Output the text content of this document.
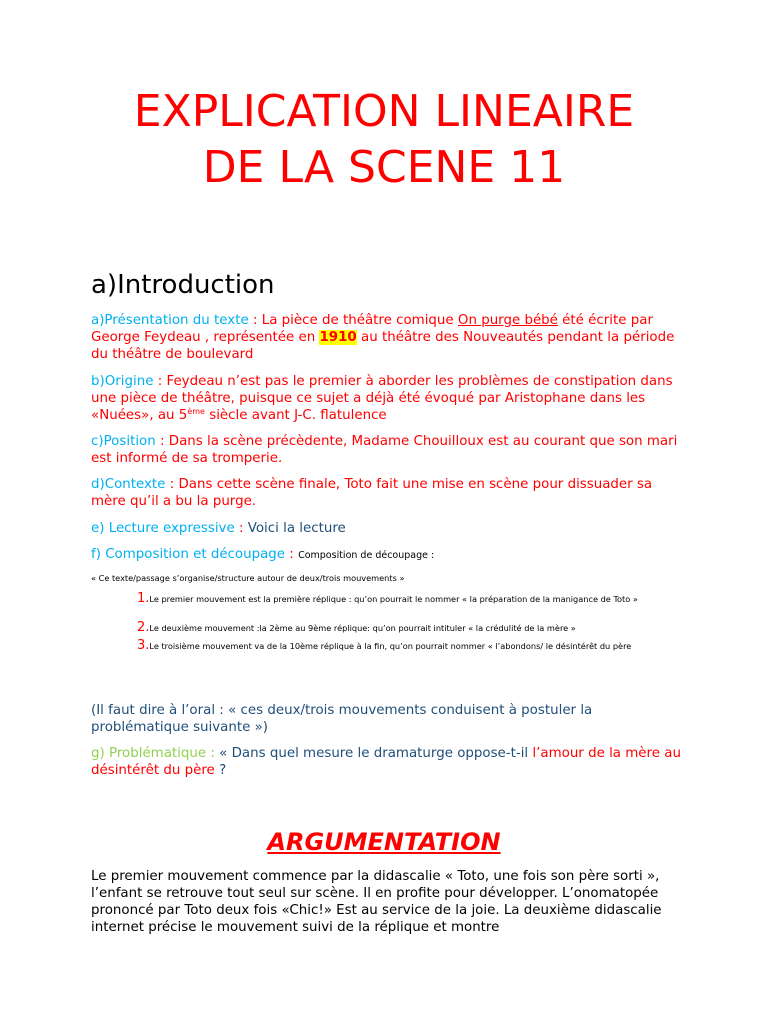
EXPLICATION LINEAIRE
DE LA SCENE 11
a)Introduction

a)Présentation du texte : La pièce de théâtre comique On purge bébé été écrite par George Feydeau , représentée en 1910 au théâtre des Nouveautés pendant la période du théâtre de boulevard

b)Origine : Feydeau n’est pas le premier à aborder les problèmes de constipation dans une pièce de théâtre, puisque ce sujet a déjà été évoqué par Aristophane dans les «Nuées», au 5ème siècle avant J-C. flatulence

c)Position : Dans la scène précèdente, Madame Chouilloux est au courant que son mari est informé de sa tromperie.

d)Contexte : Dans cette scène finale, Toto fait une mise en scène pour dissuader sa mère qu’il a bu la purge.

e) Lecture expressive : Voici la lecture

f) Composition et découpage : Composition de découpage :

« Ce texte/passage s’organise/structure autour de deux/trois mouvements »

1.Le premier mouvement est la première réplique : qu’on pourrait le nommer « la préparation de la manigance de Toto »

2.Le deuxième mouvement :la 2ème au 9ème réplique: qu’on pourrait intituler « la crédulité de la mère »

3.Le troisième mouvement va de la 10ème réplique à la fin, qu’on pourrait nommer « l’abondons/ le désintérêt du père

(Il faut dire à l’oral : « ces deux/trois mouvements conduisent à postuler la problématique suivante »)

g) Problématique : « Dans quel mesure le dramaturge oppose-t-il l’amour de la mère au désintérêt du père ?

ARGUMENTATION

Le premier mouvement commence par la didascalie « Toto, une fois son père sorti », l’enfant se retrouve tout seul sur scène. Il en profite pour développer. L’onomatopée prononcé par Toto deux fois «Chic!» Est au service de la joie. La deuxième didascalie internet précise le mouvement suivi de la réplique et montre
